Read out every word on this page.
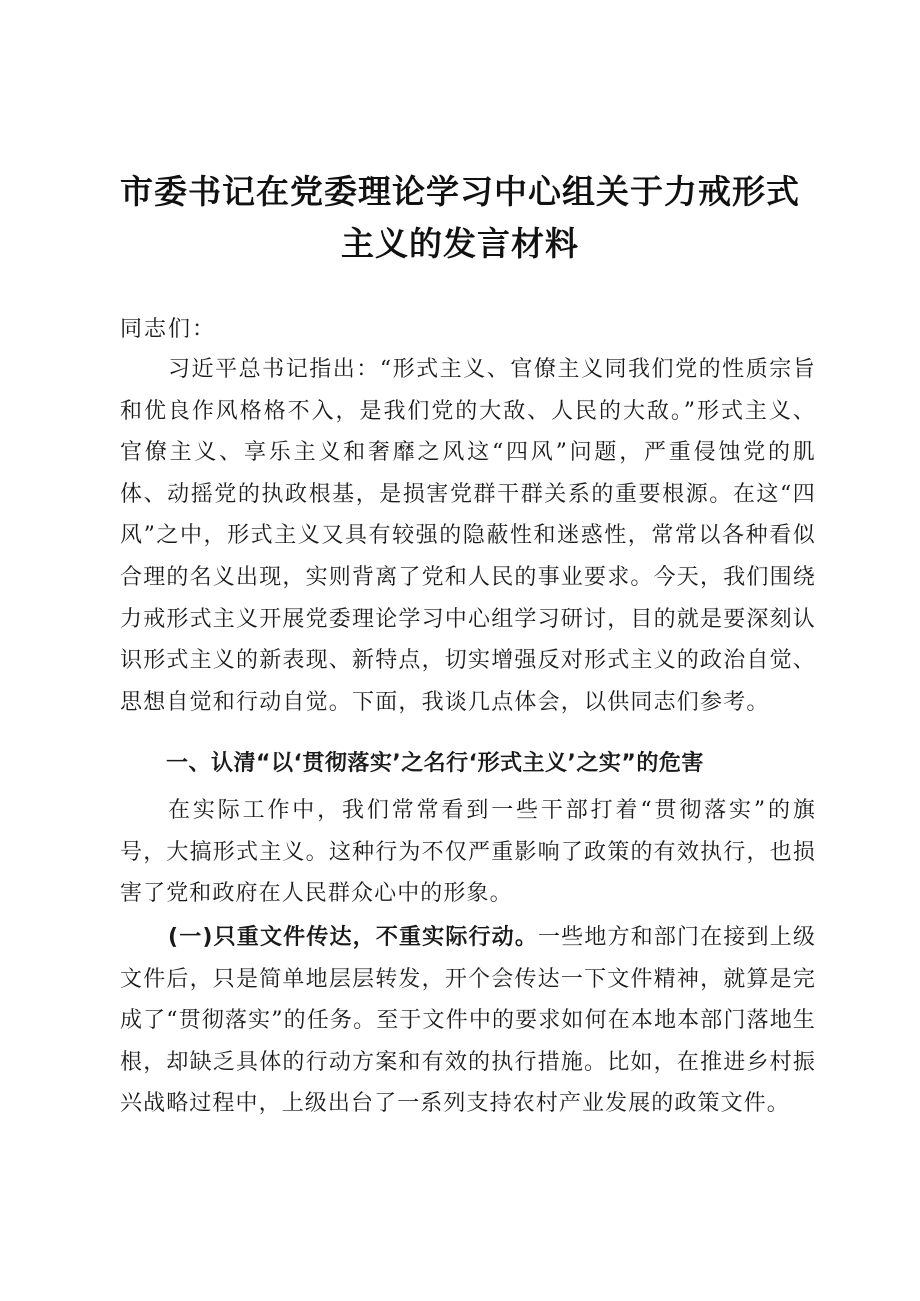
市委书记在党委理论学习中心组关于力戒形式
主义的发言材料
同志们：

习近平总书记指出：“形式主义、官僚主义同我们党的性质宗旨和优良作风格格不入，是我们党的大敌、人民的大敌。”形式主义、官僚主义、享乐主义和奢靡之风这“四风”问题，严重侵蚀党的肌体、动摇党的执政根基，是损害党群干群关系的重要根源。在这“四风”之中，形式主义又具有较强的隐蔽性和迷惑性，常常以各种看似合理的名义出现，实则背离了党和人民的事业要求。今天，我们围绕力戒形式主义开展党委理论学习中心组学习研讨，目的就是要深刻认识形式主义的新表现、新特点，切实增强反对形式主义的政治自觉、思想自觉和行动自觉。下面，我谈几点体会，以供同志们参考。

一、认清“以‘贯彻落实’之名行‘形式主义’之实”的危害

在实际工作中，我们常常看到一些干部打着“贯彻落实”的旗号，大搞形式主义。这种行为不仅严重影响了政策的有效执行，也损害了党和政府在人民群众心中的形象。

(一)只重文件传达，不重实际行动。一些地方和部门在接到上级文件后，只是简单地层层转发，开个会传达一下文件精神，就算是完成了“贯彻落实”的任务。至于文件中的要求如何在本地本部门落地生根，却缺乏具体的行动方案和有效的执行措施。比如，在推进乡村振兴战略过程中，上级出台了一系列支持农村产业发展的政策文件。
